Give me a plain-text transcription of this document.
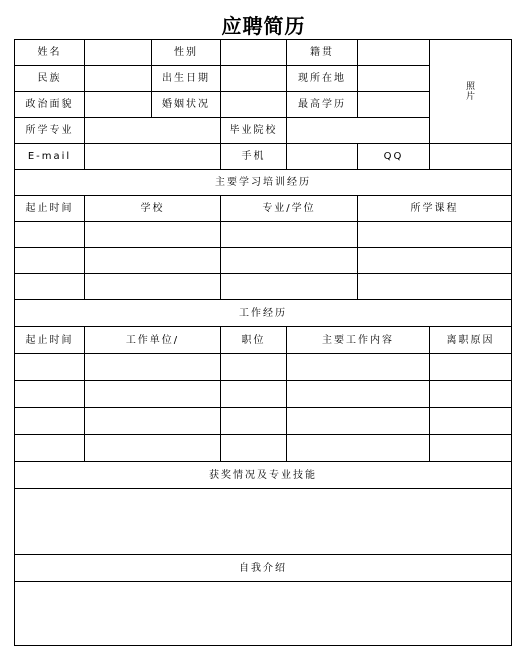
应聘简历
姓名		性别		籍贯		照片
民族		出生日期		现所在地		
政治面貌		婚姻状况		最高学历		
所学专业			毕业院校			
E-mail			手机		QQ	
主要学习培训经历						
起止时间	学校		专业/学位		所学课程	

工作经历						
起止时间	工作单位/		职位	主要工作内容		离职原因

获奖情况及专业技能						

自我介绍						
